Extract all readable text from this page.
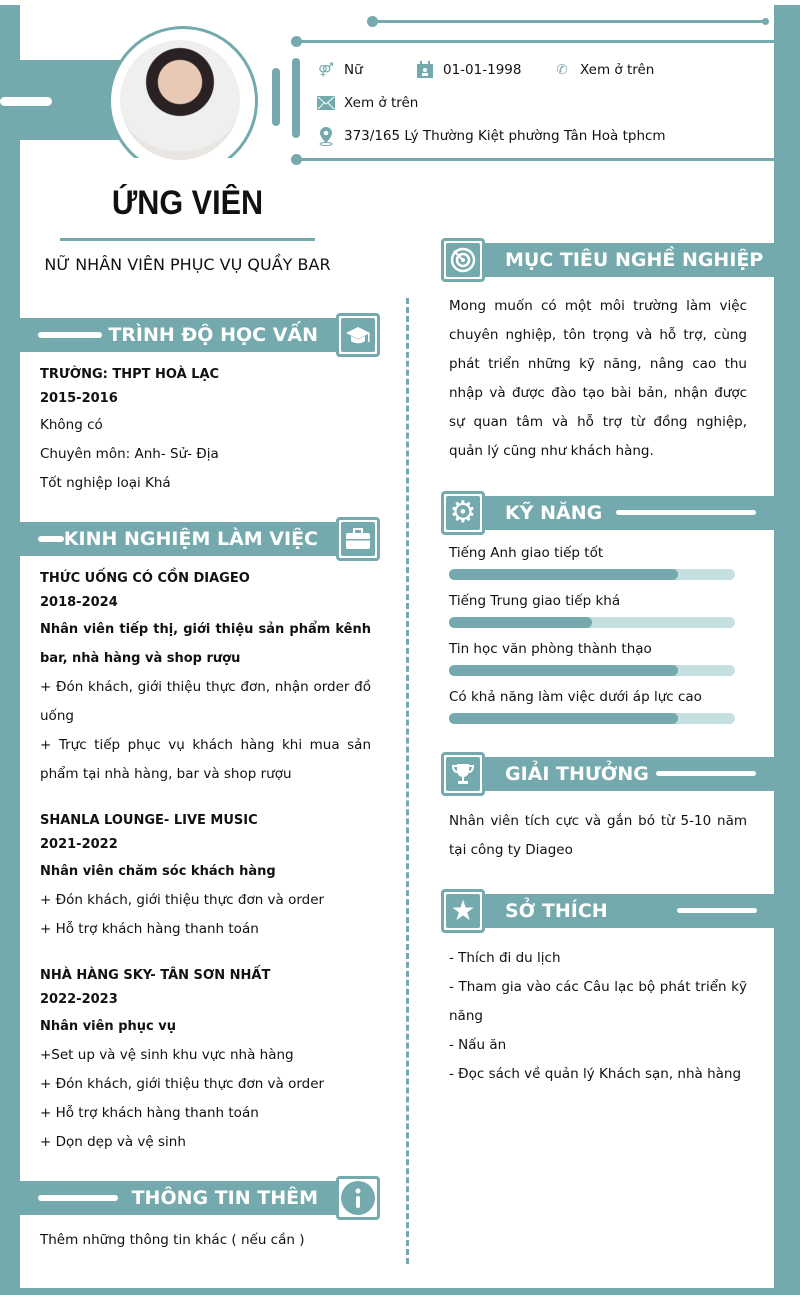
⚤ Nữ	01-01-1998	✆ Xem ở trên
Xem ở trên
373/165 Lý Thường Kiệt phường Tân Hoà tphcm
ỨNG VIÊN
NỮ NHÂN VIÊN PHỤC VỤ QUẦY BAR
TRÌNH ĐỘ HỌC VẤN
TRƯỜNG: THPT HOÀ LẠC
2015-2016
Không có
Chuyên môn: Anh- Sử- Địa
Tốt nghiệp loại Khá
KINH NGHIỆM LÀM VIỆC
THỨC UỐNG CÓ CỒN DIAGEO
2018-2024
Nhân viên tiếp thị, giới thiệu sản phẩm kênh bar, nhà hàng và shop rượu
+ Đón khách, giới thiệu thực đơn, nhận order đồ uống
+ Trực tiếp phục vụ khách hàng khi mua sản phẩm tại nhà hàng, bar và shop rượu
SHANLA LOUNGE- LIVE MUSIC
2021-2022
Nhân viên chăm sóc khách hàng
+ Đón khách, giới thiệu thực đơn và order
+ Hỗ trợ khách hàng thanh toán
NHÀ HÀNG SKY- TÂN SƠN NHẤT
2022-2023
Nhân viên phục vụ
+Set up và vệ sinh khu vực nhà hàng
+ Đón khách, giới thiệu thực đơn và order
+ Hỗ trợ khách hàng thanh toán
+ Dọn dẹp và vệ sinh
THÔNG TIN THÊM
Thêm những thông tin khác ( nếu cần )
MỤC TIÊU NGHỀ NGHIỆP
Mong muốn có một môi trường làm việc chuyên nghiệp, tôn trọng và hỗ trợ, cùng phát triển những kỹ năng, nâng cao thu nhập và được đào tạo bài bản, nhận được sự quan tâm và hỗ trợ từ đồng nghiệp, quản lý cũng như khách hàng.
KỸ NĂNG
⚙
Tiếng Anh giao tiếp tốt
Tiếng Trung giao tiếp khá
Tin học văn phòng thành thạo
Có khả năng làm việc dưới áp lực cao
GIẢI THƯỞNG
Nhân viên tích cực và gắn bó từ 5-10 năm tại công ty Diageo
SỞ THÍCH
★
- Thích đi du lịch
- Tham gia vào các Câu lạc bộ phát triển kỹ năng
- Nấu ăn
- Đọc sách về quản lý Khách sạn, nhà hàng
